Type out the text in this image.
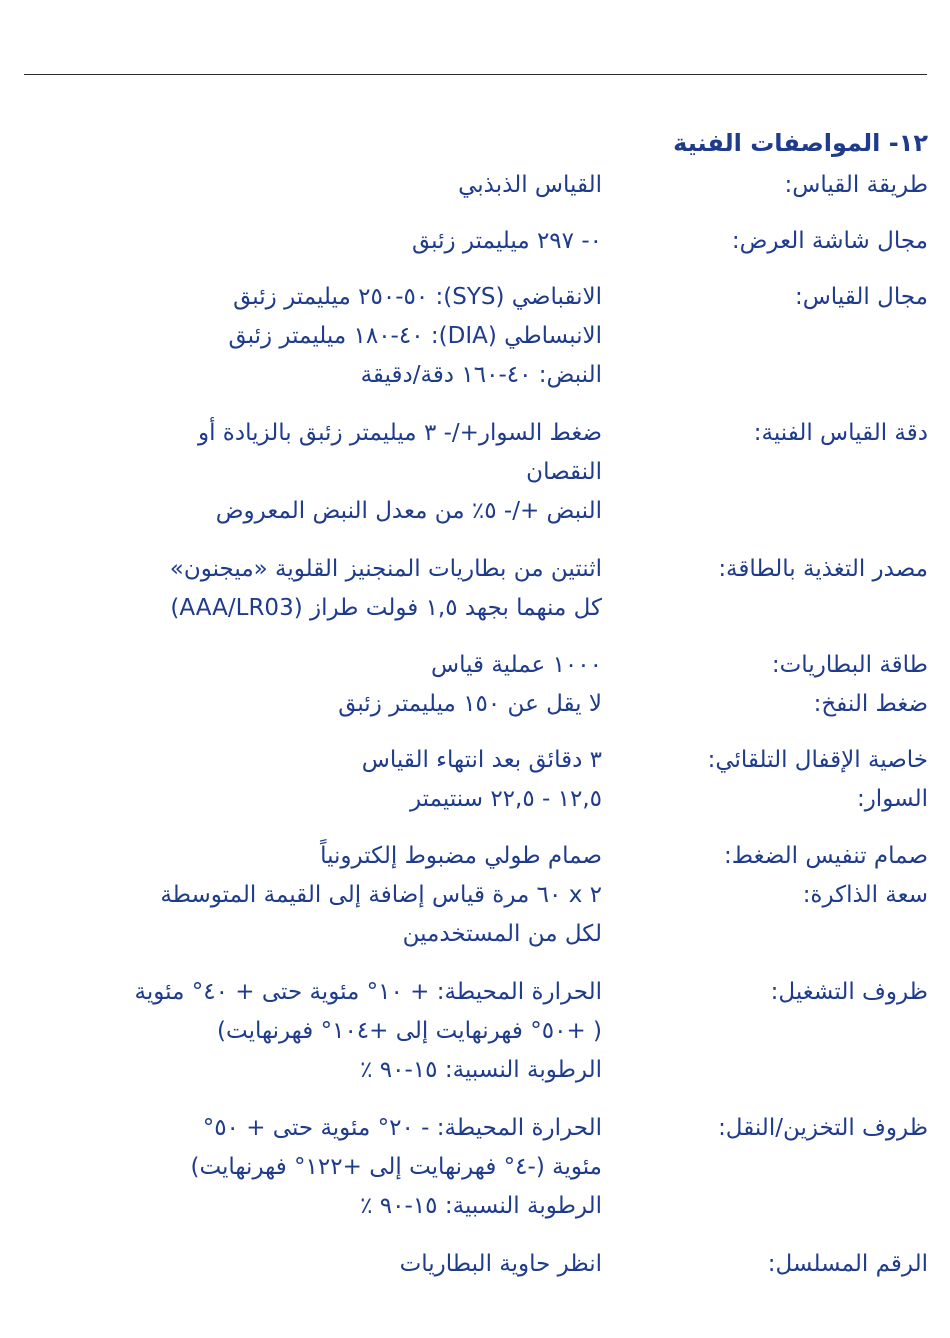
١٢- المواصفات الفنية
طريقة القياس:
القياس الذبذبي
مجال شاشة العرض:
٠- ٢٩٧ ميليمتر زئبق
مجال القياس:
الانقباضي (SYS): ٥٠-٢٥٠ ميليمتر زئبق
الانبساطي (DIA): ٤٠-١٨٠ ميليمتر زئبق
النبض: ٤٠-١٦٠ دقة/دقيقة
دقة القياس الفنية:
ضغط السوار+/- ٣ ميليمتر زئبق بالزيادة أو
النقصان
النبض +/- ٥٪ من معدل النبض المعروض
مصدر التغذية بالطاقة:
اثنتين من بطاريات المنجنيز القلوية «ميجنون»
كل منهما بجهد ١,٥ فولت طراز (AAA/LR03)
طاقة البطاريات:
ضغط النفخ:
١٠٠٠ عملية قياس
لا يقل عن ١٥٠ ميليمتر زئبق
خاصية الإقفال التلقائي:
السوار:
٣ دقائق بعد انتهاء القياس
١٢,٥ - ٢٢,٥ سنتيمتر
صمام تنفيس الضغط:
سعة الذاكرة:
صمام طولي مضبوط إلكترونياً
٢ x ٦٠ مرة قياس إضافة إلى القيمة المتوسطة
لكل من المستخدمين
ظروف التشغيل:
الحرارة المحيطة: + ١٠° مئوية حتى + ٤٠° مئوية
( +٥٠° فهرنهايت إلى +١٠٤° فهرنهايت)
الرطوبة النسبية: ١٥-٩٠ ٪
ظروف التخزين/النقل:
الحرارة المحيطة: - ٢٠° مئوية حتى + ٥٠°
مئوية (-٤° فهرنهايت إلى +١٢٢° فهرنهايت)
الرطوبة النسبية: ١٥-٩٠ ٪
الرقم المسلسل:
انظر حاوية البطاريات
